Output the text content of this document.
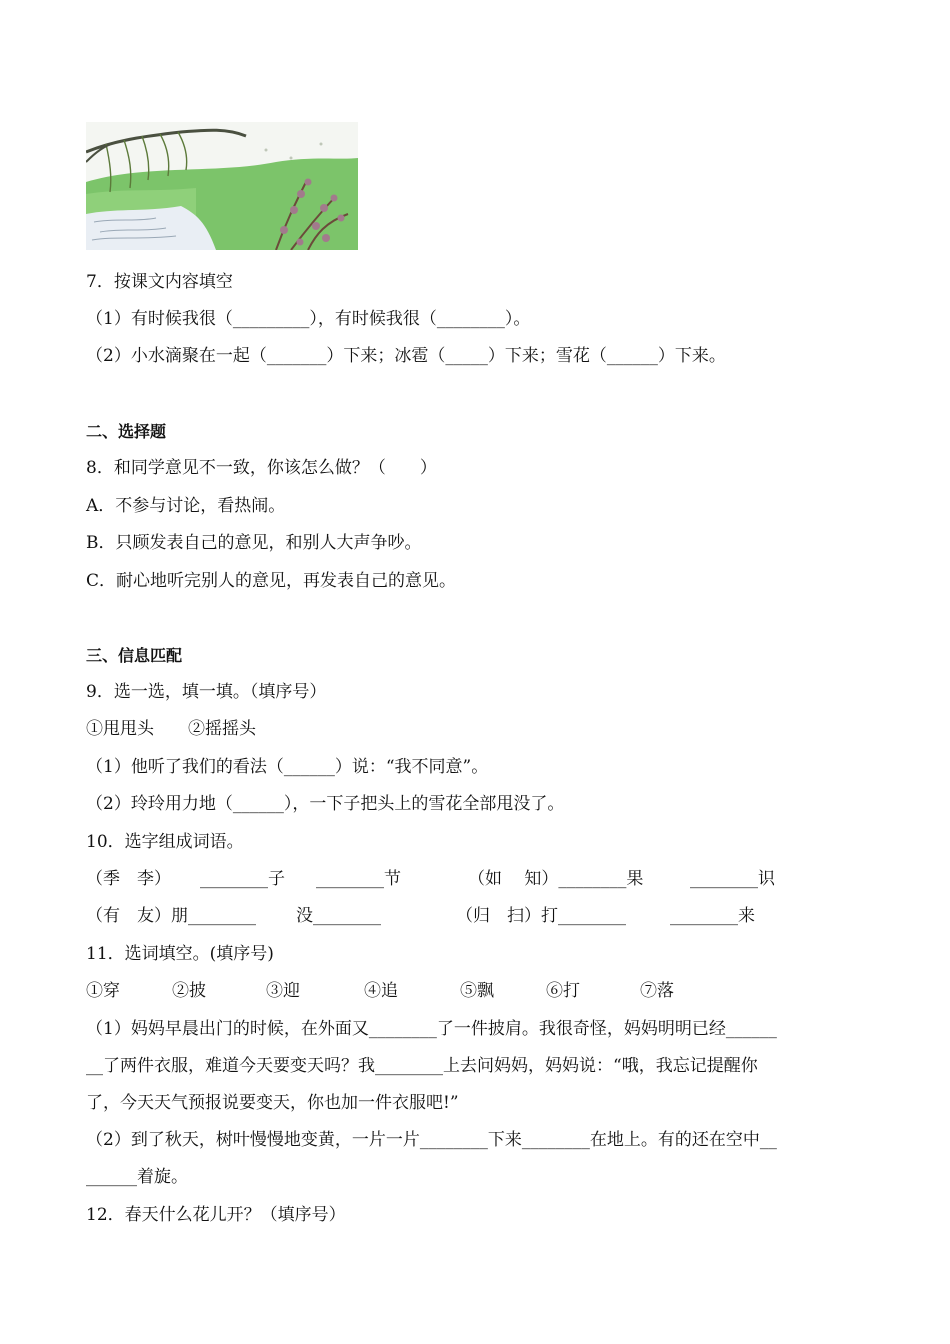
7．按课文内容填空
（1）有时候我很（_________），有时候我很（________）。
（2）小水滴聚在一起（_______）下来；冰雹（_____）下来；雪花（______）下来。
二、选择题
8．和同学意见不一致，你该怎么做？（　　）
A．不参与讨论，看热闹。
B．只顾发表自己的意见，和别人大声争吵。
C．耐心地听完别人的意见，再发表自己的意见。
三、信息匹配
9．选一选，填一填。（填序号）
①甩甩头　　②摇摇头
（1）他听了我们的看法（______）说：“我不同意”。
（2）玲玲用力地（______），一下子把头上的雪花全部甩没了。
10．选字组成词语。
（季　李） ________子 ________节	（如　 知）________果	________识
（有　友）朋________ 没________	（归　扫）打________	________来
11．选词填空。(填序号)
①穿	②披	③迎	④追	⑤飘	⑥打	⑦落
（1）妈妈早晨出门的时候，在外面又________了一件披肩。我很奇怪，妈妈明明已经______
__了两件衣服，难道今天要变天吗？我________上去问妈妈，妈妈说：“哦，我忘记提醒你
了，今天天气预报说要变天，你也加一件衣服吧!”
（2）到了秋天，树叶慢慢地变黄，一片一片________下来________在地上。有的还在空中__
______着旋。
12．春天什么花儿开？（填序号）
